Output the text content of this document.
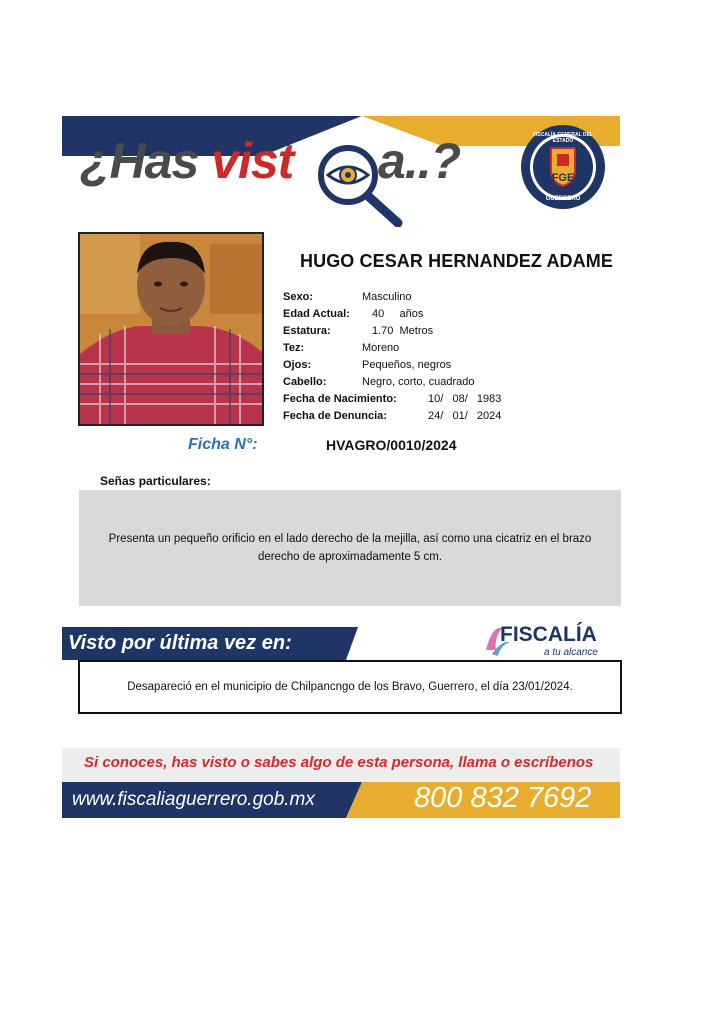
¿Has vist a..?	FGE
FISCALÍA GENERAL DEL ESTADO
GUERRERO
HUGO CESAR HERNANDEZ ADAME
Sexo:	Masculino
Edad Actual: 40     años
Estatura:	1.70  Metros
Tez:	Moreno
Ojos:	Pequeños, negros
Cabello:	Negro, corto, cuadrado
Fecha de Nacimiento:	10/   08/   1983
Fecha de Denuncia:	24/   01/   2024
Ficha N°:	HVAGRO/0010/2024
Señas particulares:
Presenta un pequeño orificio en el lado derecho de la mejilla, así como una cicatriz en el brazo derecho de aproximadamente 5 cm.
Visto por última vez en:	FISCALÍA
a tu alcance
Desapareció en el municipio de Chilpancngo de los Bravo, Guerrero, el día 23/01/2024.
Si conoces, has visto o sabes algo de esta persona, llama o escríbenos
www.fiscaliaguerrero.gob.mx	800 832 7692
